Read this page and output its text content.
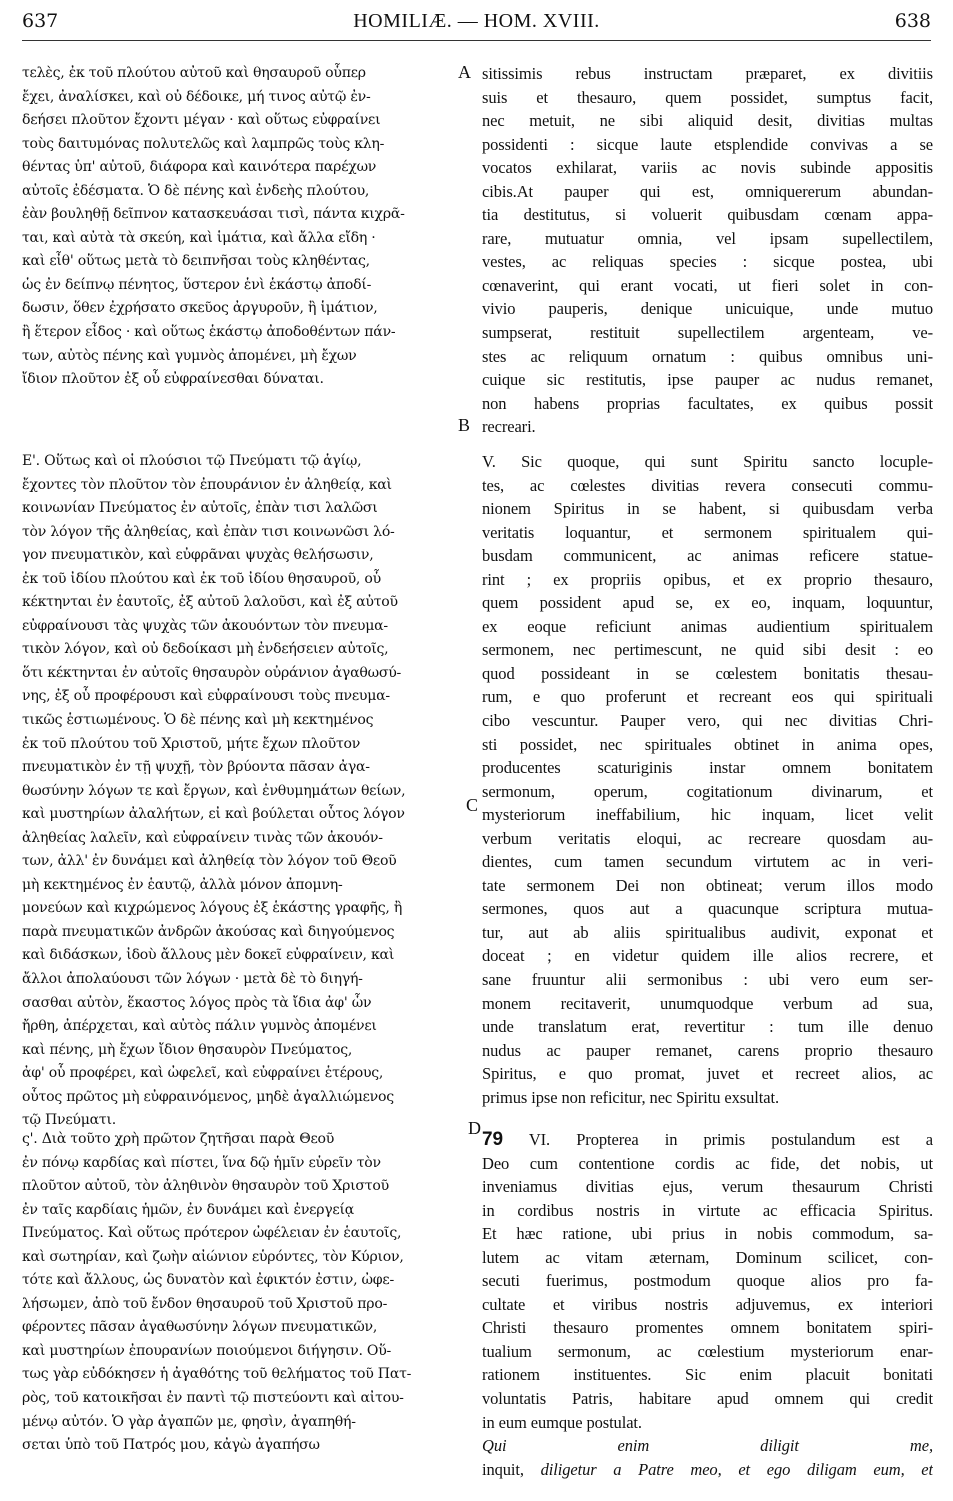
637	HOMILIÆ. — HOM. XVIII.	638
τελὲς, ἐκ τοῦ πλούτου αὐτοῦ καὶ θησαυροῦ οὗπερ
ἔχει, ἀναλίσκει, καὶ οὐ δέδοικε, μή τινος αὐτῷ ἐν-
δεήσει πλοῦτον ἔχοντι μέγαν · καὶ οὕτως εὐφραίνει
τοὺς δαιτυμόνας πολυτελῶς καὶ λαμπρῶς τοὺς κλη-
θέντας ὑπ' αὐτοῦ, διάφορα καὶ καινότερα παρέχων
αὐτοῖς ἐδέσματα. Ὁ δὲ πένης καὶ ἐνδεὴς πλούτου,
ἐὰν βουληθῇ δεῖπνον κατασκευάσαι τισὶ, πάντα κιχρᾶ-
ται, καὶ αὐτὰ τὰ σκεύη, καὶ ἱμάτια, καὶ ἄλλα εἴδη ·
καὶ εἶθ' οὕτως μετὰ τὸ δειπνῆσαι τοὺς κληθέντας,
ὡς ἐν δείπνῳ πένητος, ὕστερον ἑνὶ ἑκάστῳ ἀποδί-
δωσιν, ὅθεν ἐχρήσατο σκεῦος ἀργυροῦν, ἢ ἱμάτιον,
ἢ ἕτερον εἶδος · καὶ οὕτως ἑκάστῳ ἀποδοθέντων πάν-
των, αὐτὸς πένης καὶ γυμνὸς ἀπομένει, μὴ ἔχων
ἴδιον πλοῦτον ἐξ οὗ εὐφραίνεσθαι δύναται.
Ε'. Οὕτως καὶ οἱ πλούσιοι τῷ Πνεύματι τῷ ἁγίῳ,
ἔχοντες τὸν πλοῦτον τὸν ἐπουράνιον ἐν ἀληθείᾳ, καὶ
κοινωνίαν Πνεύματος ἐν αὐτοῖς, ἐπὰν τισι λαλῶσι
τὸν λόγον τῆς ἀληθείας, καὶ ἐπὰν τισι κοινωνῶσι λό-
γον πνευματικὸν, καὶ εὐφρᾶναι ψυχὰς θελήσωσιν,
ἐκ τοῦ ἰδίου πλούτου καὶ ἐκ τοῦ ἰδίου θησαυροῦ, οὗ
κέκτηνται ἐν ἑαυτοῖς, ἐξ αὐτοῦ λαλοῦσι, καὶ ἐξ αὐτοῦ
εὐφραίνουσι τὰς ψυχὰς τῶν ἀκουόντων τὸν πνευμα-
τικὸν λόγον, καὶ οὐ δεδοίκασι μὴ ἐνδεήσειεν αὐτοῖς,
ὅτι κέκτηνται ἐν αὐτοῖς θησαυρὸν οὐράνιον ἀγαθωσύ-
νης, ἐξ οὗ προφέρουσι καὶ εὐφραίνουσι τοὺς πνευμα-
τικῶς ἑστιωμένους. Ὁ δὲ πένης καὶ μὴ κεκτημένος
ἐκ τοῦ πλούτου τοῦ Χριστοῦ, μήτε ἔχων πλοῦτον
πνευματικὸν ἐν τῇ ψυχῇ, τὸν βρύοντα πᾶσαν ἀγα-
θωσύνην λόγων τε καὶ ἔργων, καὶ ἐνθυμημάτων θείων,
καὶ μυστηρίων ἀλαλήτων, εἰ καὶ βούλεται οὗτος λόγον
ἀληθείας λαλεῖν, καὶ εὐφραίνειν τινὰς τῶν ἀκουόν-
των, ἀλλ' ἐν δυνάμει καὶ ἀληθείᾳ τὸν λόγον τοῦ Θεοῦ
μὴ κεκτημένος ἐν ἑαυτῷ, ἀλλὰ μόνον ἀπομνη-
μονεύων καὶ κιχρώμενος λόγους ἐξ ἑκάστης γραφῆς, ἢ
παρὰ πνευματικῶν ἀνδρῶν ἀκούσας καὶ διηγούμενος
καὶ διδάσκων, ἰδοὺ ἄλλους μὲν δοκεῖ εὐφραίνειν, καὶ
ἄλλοι ἀπολαύουσι τῶν λόγων · μετὰ δὲ τὸ διηγή-
σασθαι αὐτὸν, ἕκαστος λόγος πρὸς τὰ ἴδια ἀφ' ὧν
ἤρθη, ἀπέρχεται, καὶ αὐτὸς πάλιν γυμνὸς ἀπομένει
καὶ πένης, μὴ ἔχων ἴδιον θησαυρὸν Πνεύματος,
ἀφ' οὗ προφέρει, καὶ ὠφελεῖ, καὶ εὐφραίνει ἑτέρους,
οὗτος πρῶτος μὴ εὐφραινόμενος, μηδὲ ἀγαλλιώμενος
τῷ Πνεύματι.
ς'. Διὰ τοῦτο χρὴ πρῶτον ζητῆσαι παρὰ Θεοῦ
ἐν πόνῳ καρδίας καὶ πίστει, ἵνα δῷ ἡμῖν εὑρεῖν τὸν
πλοῦτον αὐτοῦ, τὸν ἀληθινὸν θησαυρὸν τοῦ Χριστοῦ
ἐν ταῖς καρδίαις ἡμῶν, ἐν δυνάμει καὶ ἐνεργείᾳ
Πνεύματος. Καὶ οὕτως πρότερον ὠφέλειαν ἐν ἑαυτοῖς,
καὶ σωτηρίαν, καὶ ζωὴν αἰώνιον εὑρόντες, τὸν Κύριον,
τότε καὶ ἄλλους, ὡς δυνατὸν καὶ ἐφικτόν ἐστιν, ὠφε-
λήσωμεν, ἀπὸ τοῦ ἔνδον θησαυροῦ τοῦ Χριστοῦ προ-
φέροντες πᾶσαν ἀγαθωσύνην λόγων πνευματικῶν,
καὶ μυστηρίων ἐπουρανίων ποιούμενοι διήγησιν. Οὕ-
τως γὰρ εὐδόκησεν ἡ ἀγαθότης τοῦ θελήματος τοῦ Πατ-
ρὸς, τοῦ κατοικῆσαι ἐν παντὶ τῷ πιστεύοντι καὶ αἰτου-
μένῳ αὐτόν. Ὁ γὰρ ἀγαπῶν με, φησὶν, ἀγαπηθή-
σεται ὑπὸ τοῦ Πατρός μου, κἀγὼ ἀγαπήσω
sitissimis rebus instructam præparet, ex divitiis
suis et thesauro, quem possidet, sumptus facit,
nec metuit, ne sibi aliquid desit, divitias multas
possidenti : sicque laute etsplendide convivas a se
vocatos exhilarat, variis ac novis subinde appositis
cibis.At pauper qui est, omniquererum abundan-
tia destitutus, si voluerit quibusdam cœnam appa-
rare, mutuatur omnia, vel ipsam supellectilem,
vestes, ac reliquas species : sicque postea, ubi
cœnaverint, qui erant vocati, ut fieri solet in con-
vivio pauperis, denique unicuique, unde mutuo
sumpserat, restituit supellectilem argenteam, ve-
stes ac reliquum ornatum : quibus omnibus uni-
cuique sic restitutis, ipse pauper ac nudus remanet,
non habens proprias facultates, ex quibus possit
recreari.
V. Sic quoque, qui sunt Spiritu sancto locuple-
tes, ac cœlestes divitias revera consecuti commu-
nionem Spiritus in se habent, si quibusdam verba
veritatis loquantur, et sermonem spiritualem qui-
busdam communicent, ac animas reficere statue-
rint ; ex propriis opibus, et ex proprio thesauro,
quem possident apud se, ex eo, inquam, loquuntur,
ex eoque reficiunt animas audientium spiritualem
sermonem, nec pertimescunt, ne quid sibi desit : eo
quod possideant in se cœlestem bonitatis thesau-
rum, e quo proferunt et recreant eos qui spirituali
cibo vescuntur. Pauper vero, qui nec divitias Chri-
sti possidet, nec spirituales obtinet in anima opes,
producentes scaturiginis instar omnem bonitatem
sermonum, operum, cogitationum divinarum, et
mysteriorum ineffabilium, hic inquam, licet velit
verbum veritatis eloqui, ac recreare quosdam au-
dientes, cum tamen secundum virtutem ac in veri-
tate sermonem Dei non obtineat; verum illos modo
sermones, quos aut a quacunque scriptura mutua-
tur, aut ab aliis spiritualibus audivit, exponat et
doceat ; en videtur quidem ille alios recrere, et
sane fruuntur alii sermonibus : ubi vero eum ser-
monem recitaverit, unumquodque verbum ad sua,
unde translatum erat, revertitur : tum ille denuo
nudus ac pauper remanet, carens proprio thesauro
Spiritus, e quo promat, juvet et recreet alios, ac
primus ipse non reficitur, nec Spiritu exsultat.
79 VI. Propterea in primis postulandum est a
Deo cum contentione cordis ac fide, det nobis, ut
inveniamus divitias ejus, verum thesaurum Christi
in cordibus nostris in virtute ac efficacia Spiritus.
Et hæc ratione, ubi prius in nobis commodum, sa-
lutem ac vitam æternam, Dominum scilicet, con-
secuti fuerimus, postmodum quoque alios pro fa-
cultate et viribus nostris adjuvemus, ex interiori
Christi thesauro promentes omnem bonitatem spiri-
tualium sermonum, ac cœlestium mysteriorum enar-
rationem instituentes. Sic enim placuit bonitati
voluntatis Patris, habitare apud omnem qui credit
in eum eumque postulat.
Qui enim diligit me,
inquit, diligetur a Patre meo, et ego diligam eum, et
A
B
C
D
